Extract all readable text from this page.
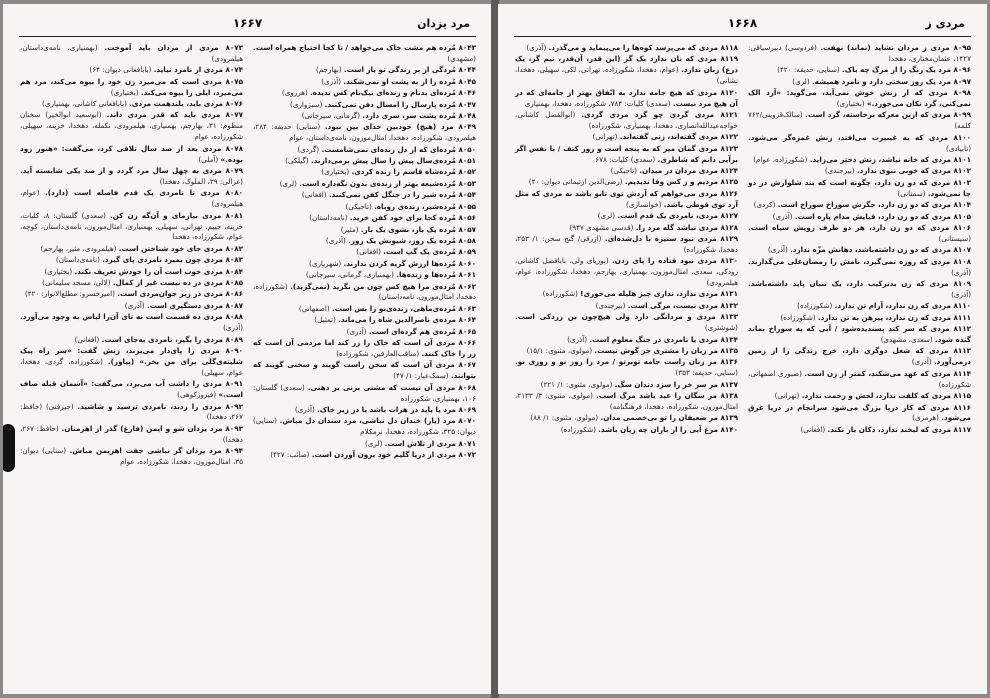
مرد یزدان
۱۶۶۷
۸۰۴۳ مُرده هم مشت خاک می‌خواهد / تا کجا احتیاج همراه است. (مشهدی)
۸۰۴۴ مُردگی از بر زندگی نو بار است. (بهارجم)
۸۰۴۵ مُرده را از به پشت او نمی‌شکند. (آذری)
۸۰۴۶ مُرده‌ای بدنام و زنده‌ای نیک‌نام کس ندیده. (هرزوی)
۸۰۴۷ مُرده پارسال را امسال دفن نمی‌کنند. (سبزواری)
۸۰۴۸ مُرده پشت سر، سری دارد. (گرمانی، سیرجانی)
۸۰۴۹ مرد (هیچ) خودبین خدای بین نبود. (سنایی) حدیقه: ۲۸۴، هیلمرودی، شکورزاده، دهخدا، امثال‌موزون، نامه‌ی‌داستان، عوام
۸۰۵۰ مُرده‌ای که از دل زنده‌ای نمی‌شامست. (گردی)
۸۰۵۱ مُرده‌ی‌سال پیش را سال پیش برمی‌دارند. (گیلکی)
۸۰۵۲ مُرده‌شاه قاسم را زنده کردی. (بختیاری)
۸۰۵۳ مُرده‌شیعه بهتر از زنده‌ی بدون نگه‌داره است. (لری)
۸۰۵۴ مُرده شیر را در جنگل کفن نمی‌کنند. (افغانی)
۸۰۵۵ مُرده‌شیر، زنده‌ی روباه. (تاجیکی)
۸۰۵۶ مُرده کجا برای خود کفن خرید. (نامه‌داستان)
۸۰۵۷ مُرده یک بار، نشوی یک بار. (مثیر)
۸۰۵۸ مُرده یک روز، شیونش یک روز. (آذری)
۸۰۵۹ مُرده‌ی یک گپ است. (افغانی)
۸۰۶۰ مُرده‌ها ارزش گریه کردن ندارند. (شهریاری)
۸۰۶۱ مُرده‌ها و زنده‌ها. (بهمنیاری، گرمانی، سیرجانی)
۸۰۶۲ مُرده‌ی مرا هیچ کس چون من نگرید (نمی‌گرید). (شکورزاده، دهخدا، امثال‌موزون، نامه‌داستان)
۸۰۶۳ مُرده‌ی‌ماهی، زنده‌ی‌نو را بس است. (اصفهانی)
۸۰۶۴ مرده‌ی ناصرالدین شاه را می‌ماند. (تمثیل)
۸۰۶۵ مُرده‌ی هم گرده‌ای است. (آذری)
۸۰۶۶ مردی آن است که خاک را زر کند اما مردمی آن است که زر را خاک کنند. (مناقب‌العارفین، شکورزاده)
۸۰۶۷ مردی آن است که سخن راست گویند و سخنی گویند که بتوانند. (سمک‌عیار: ۱/ ۴۷)
۸۰۶۸ مردی آن نیست که مشتی بزنی بر دهنی. (سعدی) گلستان: ۱۰۶، بهمنیاری، شکورزاده
۸۰۶۹ مرد یا باید در هرات باشد یا در زیر خاک. (آذری)
۸۰۷۰ مرد (یار) خندان دل نباشی، مرد سندان دل مباش. (سنایی) دیوان: ۳۲۵، شکورزاده، دهخدا، نرمکلام
۸۰۷۱ مردی از تلاش است. (لری)
۸۰۷۲ مردی از دریا گلیم خود برون آوردن است. (صائب: ۴۲۷)
۸۰۷۳ مردی از مردان باید آموخت. (بهمنیاری، نامه‌ی‌داستان، هیلمرودی)
۸۰۷۴ مردی از نامرد نیاید. (بابافغانی دیوان: ۶۴)
۸۰۷۵ مردی است که می‌میرد زن خود را بیوه می‌کند، مرد هم می‌میرد، ایلی را بیوه می‌کند. (بختیاری)
۸۰۷۶ مردی باید، بلندهمت مردی. (بابافغانی کاشانی، بهمنیاری)
۸۰۷۷ مردی باید که قدر مردی داند. (ابوسعید ابوالخیر) سخنان منظوم: ۳۱، بهارجم، بهمنیاری، هیلمرودی، تکمله، دهخدا، خزینه، سهیلی، شکورزاده، عوام
۸۰۷۸ مردی بعد از صد سال تلافی کرد، می‌گفت: «هنوز زود بوده.» (آملی)
۸۰۷۹ مردی به چهل سال مرد گردد و از صد یکی شایسته آید. (غزالی: ۳۹، الملوک، دهخدا)
۸۰۸۰ مردی تا نامردی یک قدم فاصله است (دارد). (عوام، هیلمرودی)
۸۰۸۱ مردی بیازمای و آن‌گه زن کن. (سعدی) گلستان: ۸، کلیات، خزینه، حییم، تهرانی، سهیلی، بهمنیاری، امثال‌موزون، نامه‌ی‌داستان، کوچه، عوام، شکورزاده، دهخدا
۸۰۸۲ مردی جای خود شناختن است. (هیلمرودی، مثیر، بهارجم)
۸۰۸۳ مردی چون بمیرد نامردی پای گیرد. (نامه‌ی‌داستان)
۸۰۸۴ مردی خوب است آن را خودش تعریف نکند. (بختیاری)
۸۰۸۵ مردی در ده نیست غیر از کمال. (لالی، مسجد سلیمانی)
۸۰۸۶ مردی در زیر جوان‌مردی است. (امیرخسرو: مطلع‌الانوار: ۲۲۰)
۸۰۸۷ مردی دستگیری است. (آذری)
۸۰۸۸ مردی ده قسمت است نه تای آن‌را لباس به وجود می‌آورد. (آذری)
۸۰۸۹ مردی را بگیر، نامردی به‌جای است. (افغانی)
۸۰۹۰ مردی را پای‌دار می‌برند، زنش گفت: «سر راه پیک شلیته‌ی‌گلی برای من بخر.» (پیاور). (شکورزاده، گردی، دهخدا، عوام، سهیلی)
۸۰۹۱ مردی را داشت آب می‌برد، می‌گفت: «آسمان قبله صاف است.» (فیروزکوهی)
۸۰۹۲ مردی را زدند، نامردی ترسید و شاشید. (جیرفتی) (حافظ: ۲۶۷، دهخدا)
۸۰۹۳ مرد یزدان شو و ایمن (فارغ) گذر از اهرمنان. (حافظ: ۲۶۷، دهخدا)
۸۰۹۴ مرد یزدان گر نباشی جفت اهریمن مباش. (سنایی) دیوان: ۳۵، امثال‌موزون، دهخدا، شکورزاده، عوام
مردی ز
۱۶۶۸
۸۰۹۵ مردی ز مردان نشاید (نماند) نهفت. (فردوسی) دبیرسیاقی: ۱۴۲۷، عثمان‌مختاری، دهخدا
۸۰۹۶ مرد یک رنگ را از مرگ چه باک. (سنایی، حدیقه: ۴۲۰)
۸۰۹۷ مرد یک روز سختی دارد و نامرد همیشه. (لری)
۸۰۹۸ مردی که از زنش خوش نمی‌آید، می‌گوید: «آرد الک نمی‌کنی، گرد تکان می‌خورد.» (بختیاری)
۸۰۹۹ مردی که ازین معرکه برخاسته، گرد است. (سالک‌قزوینی/۷۶۲ کلمه)
۸۱۰۰ مردی که به غیبیرت می‌افتد، زنش غمزه‌گر می‌شود. (تابیادی)
۸۱۰۱ مردی که خانه نباشد، زنش دختر می‌زاید. (شکورزاده، عوام)
۸۱۰۲ مردی که خوبی نبوی ندارد. (بیرجندی)
۸۱۰۳ مردی که دو زن دارد، چگونه است که بند شلوارش در دو جا نمی‌شود. (سمنانی)
۸۱۰۴ مردی که دو زن دارد، جگرش سوراخ سوراخ است. (کردی)
۸۱۰۵ مردی که دو زن دارد، قبایش مدام پاره است. (آذری)
۸۱۰۶ مردی که دو زن دارد، هر دو طرف رویش سیاه است. (سیستانی)
۸۱۰۷ مردی که دو زن داشته‌باشد، دهانش مزّه ندارد. (آذری)
۸۱۰۸ مردی که روزه نمی‌گیرد، نامش را رمضان‌علی می‌گذارند. (آذری)
۸۱۰۹ مردی که زن بدترکیب دارد، یک تنبان پاید داشته‌باشد. (آذری)
۸۱۱۰ مردی که زن ندارد، آرام تن ندارد. (شکورزاده)
۸۱۱۱ مردی که زن ندارد، پیرهن به تن ندارد. (شکورزاده)
۸۱۱۲ مردی که سر کند پسندیده‌شود / آبی که به سوراخ بماند گنده شود. (سعدی، مشهدی)
۸۱۱۳ مردی که شغل دوگری دارد، خرج زندگی را از زمین درمی‌آورد. (آذری)
۸۱۱۴ مردی که عهد می‌شکند، کمتر از زن است. (صبوری اصفهانی، شکورزاده)
۸۱۱۵ مردی که کلفت ندارد، لحش و زحمت ندارد. (تهرانی)
۸۱۱۶ مردی که کار دریا بزرگ می‌شود سرانجام در دریا غرق می‌شود. (هرمزی)
۸۱۱۷ مردی که لبخند ندارد، دکان باز نکند. (افغانی)
۸۱۱۸ مردی که می‌پرسد کوه‌ها را می‌پیماید و می‌گذرد. (آذری)
۸۱۱۹ مردی که نان ندارد یک گز (این قدر، آن‌قدر، نیم گز، یک ذرع) زبان ندارد. (عوام، دهخدا، شکورزاده، تهرانی، لکی، سهیلی، دهخدا، نشانی)
۸۱۲۰ مردی که هیچ جامه ندارد به اتّفاق بهتر از جامه‌ای که در آن هیچ مرد نیست. (سعدی) کلیات: ۷۸۴، شکورزاده، دهخدا، بهمنیاری
۸۱۲۱ مردی گردی چو گرد مردی گردی. (ابوالفضل کاشانی، خواجه‌عبدالله‌انصاری، دهخدا، بهمنیاری، شکورزاده)
۸۱۲۲ مردی گفته‌اند، زنی گفته‌اند. (تهرانی)
۸۱۲۳ مردی گمان میر که به پنجه است و زور کتف / با نفس اگر برآیی دانم که شاطری. (سعدی) کلیات: ۶۷۸
۸۱۲۴ مردی مردان در میدان. (تاجیکی)
۸۱۲۵ مردیم و ز کس وفا ندیدیم. (رضی‌الدین ارتیمانی دیوان: ۴۰)
۸۱۲۶ مردی می‌خواهم که آردش توی تابو باشد نه مردی که مثل آرد توی قوطی باشد. (خوانساری)
۸۱۲۷ مردی، نامردی یک قدم است. (لری)
۸۱۲۸ مردی نباشد گله مرد را. (قدسی مشهدی ۹۴۷)
۸۱۲۹ مردی نبود ستیزه با دل‌شده‌ای. (ازرقی/ گنج سخن: ۱/ ۲۵۳، دهخدا، شکورزاده)
۸۱۳۰ مردی نبود فتاده را پای زدن. (پوریای ولی، بابافضل کاشانی، رودکی، سعدی، امثال‌موزون، بهمنیاری، بهارجم، دهخدا، شکورزاده، عوام، هیلمرودی)
۸۱۳۱ مردی ندارد، نداری چیز هلیله می‌خوری! (شکورزاده)
۸۱۳۲ مردی نیست، مرگی است. (بیرجندی)
۸۱۳۳ مردی و مردانگی دارد ولی هیچ‌چون بن زردکی است. (شوشتری)
۸۱۳۴ مردی یا نامردی در جنگ معلوم است. (آذری)
۸۱۳۵ مر زبان را مشتری جز گوش نیست. (مولوی، مثنوی: ۱۵/۱)
۸۱۳۶ مر زنان راست جامه توبرتو / مرد را روز نو و روزی نو. (سنایی، حدیقه: ۳۵۳)
۸۱۳۷ مر سر خر را سزد دندان سگ. (مولوی، مثنوی: ۱/ ۲۲۱)
۸۱۳۸ مر سگان را عید باشد مرگ اسب. (مولوی، مثنوی: ۳/ ۲۱۳۳، امثال‌موزون، شکورزاده، دهخدا، فرهنگنامه)
۸۱۳۹ مر ضعیفان را تو بی‌خصمی مدان. (مولوی، مثنوی: ۱/ ۸۸)
۸۱۴۰ مرغ آبی را از باران چه زیان باشد. (شکورزاده)
